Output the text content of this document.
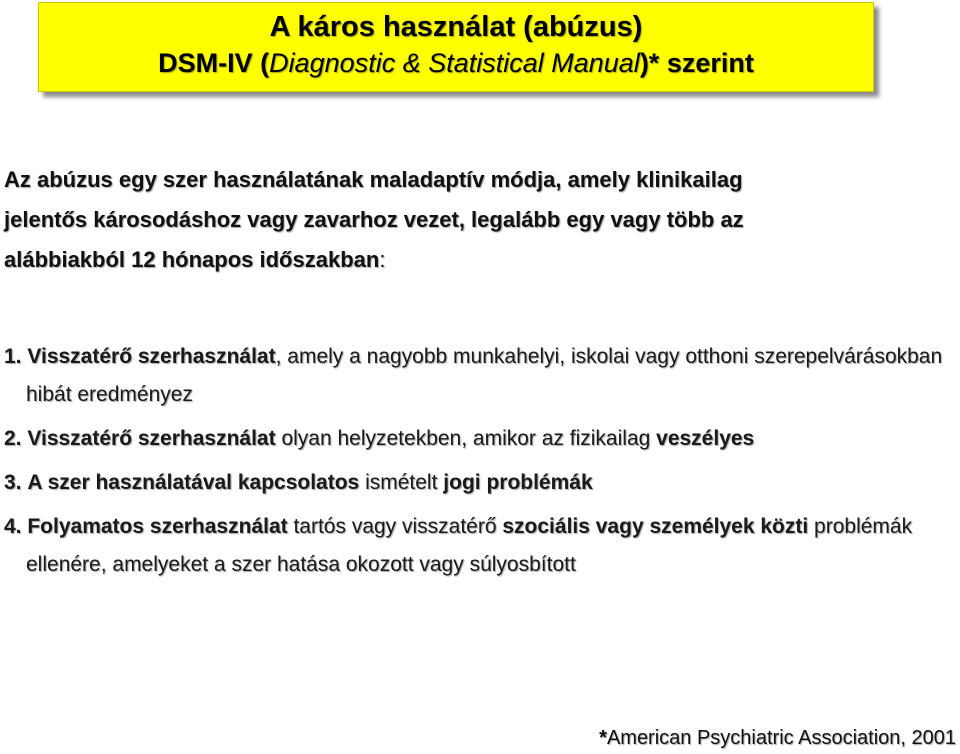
A káros használat (abúzus)
DSM-IV (Diagnostic & Statistical Manual)* szerint
Az abúzus egy szer használatának maladaptív módja, amely klinikailag
jelentős károsodáshoz vagy zavarhoz vezet, legalább egy vagy több az
alábbiakból 12 hónapos időszakban:
1. Visszatérő szerhasználat, amely a nagyobb munkahelyi, iskolai vagy otthoni szerepelvárásokban hibát eredményez
2. Visszatérő szerhasználat olyan helyzetekben, amikor az fizikailag veszélyes
3. A szer használatával kapcsolatos ismételt jogi problémák
4. Folyamatos szerhasználat tartós vagy visszatérő szociális vagy személyek közti problémák ellenére, amelyeket a szer hatása okozott vagy súlyosbított
*American Psychiatric Association, 2001
